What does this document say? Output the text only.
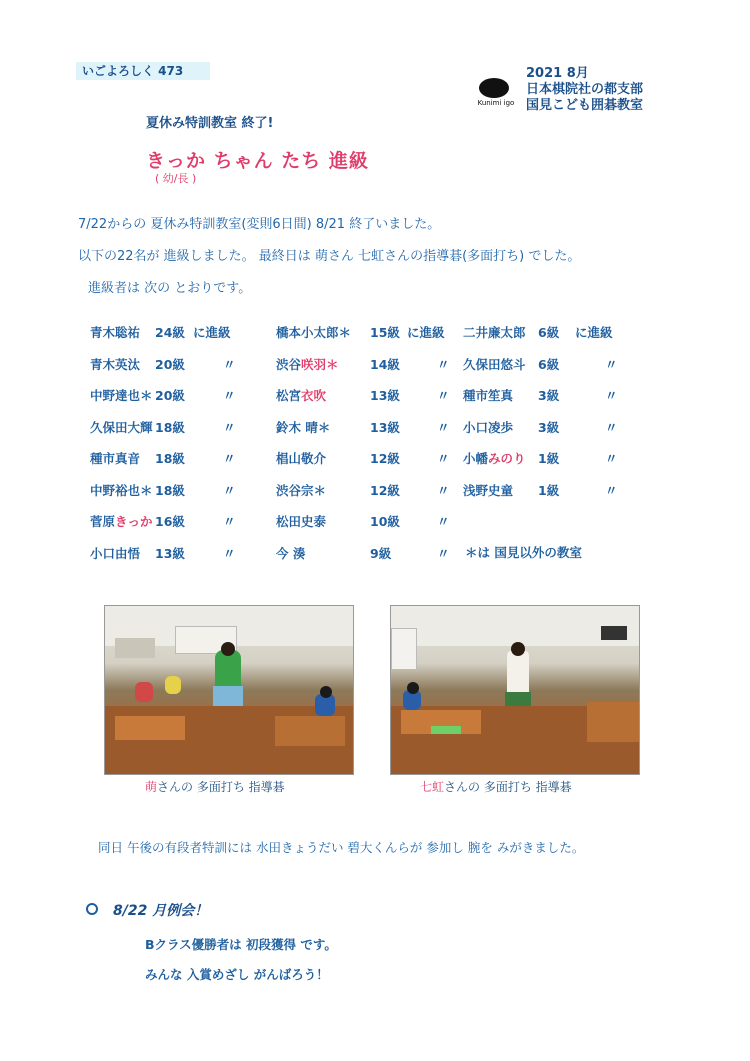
いごよろしく 473
Kunimi igo
2021 8月
日本棋院社の都支部
国見こども囲碁教室
夏休み特訓教室 終了!
きっか ちゃん たち 進級
( 幼/長 )
7/22からの 夏休み特訓教室(変則6日間) 8/21 終了いました。
以下の22名が 進級しました。 最終日は 萌さん 七虹さんの指導碁(多面打ち) でした。
進級者は 次の とおりです。
青木聡祐 24級 に進級
青木英汰 20級	〃
中野達也＊ 20級	〃
久保田大輝 18級	〃
種市真音 18級	〃
中野裕也＊ 18級	〃
菅原きっか 16級	〃
小口由悟 13級	〃
橋本小太郎＊ 15級 に進級
渋谷咲羽＊	14級	〃
松宮衣吹	13級	〃
鈴木 晴＊	13級	〃
椙山敬介	12級	〃
渋谷宗＊	12級	〃
松田史泰	10級	〃
今 湊	9級	〃
二井廉太郎 6級 に進級
久保田悠斗 6級	〃
種市笙真 3級	〃
小口凌歩 3級	〃
小幡みのり 1級	〃
浅野史童 1級	〃
＊は 国見以外の教室
萌さんの 多面打ち 指導碁	七虹さんの 多面打ち 指導碁
同日 午後の有段者特訓には 水田きょうだい 碧大くんらが 参加し 腕を みがきました。
8/22 月例会！
Bクラス優勝者は 初段獲得 です。
みんな 入賞めざし がんばろう！
